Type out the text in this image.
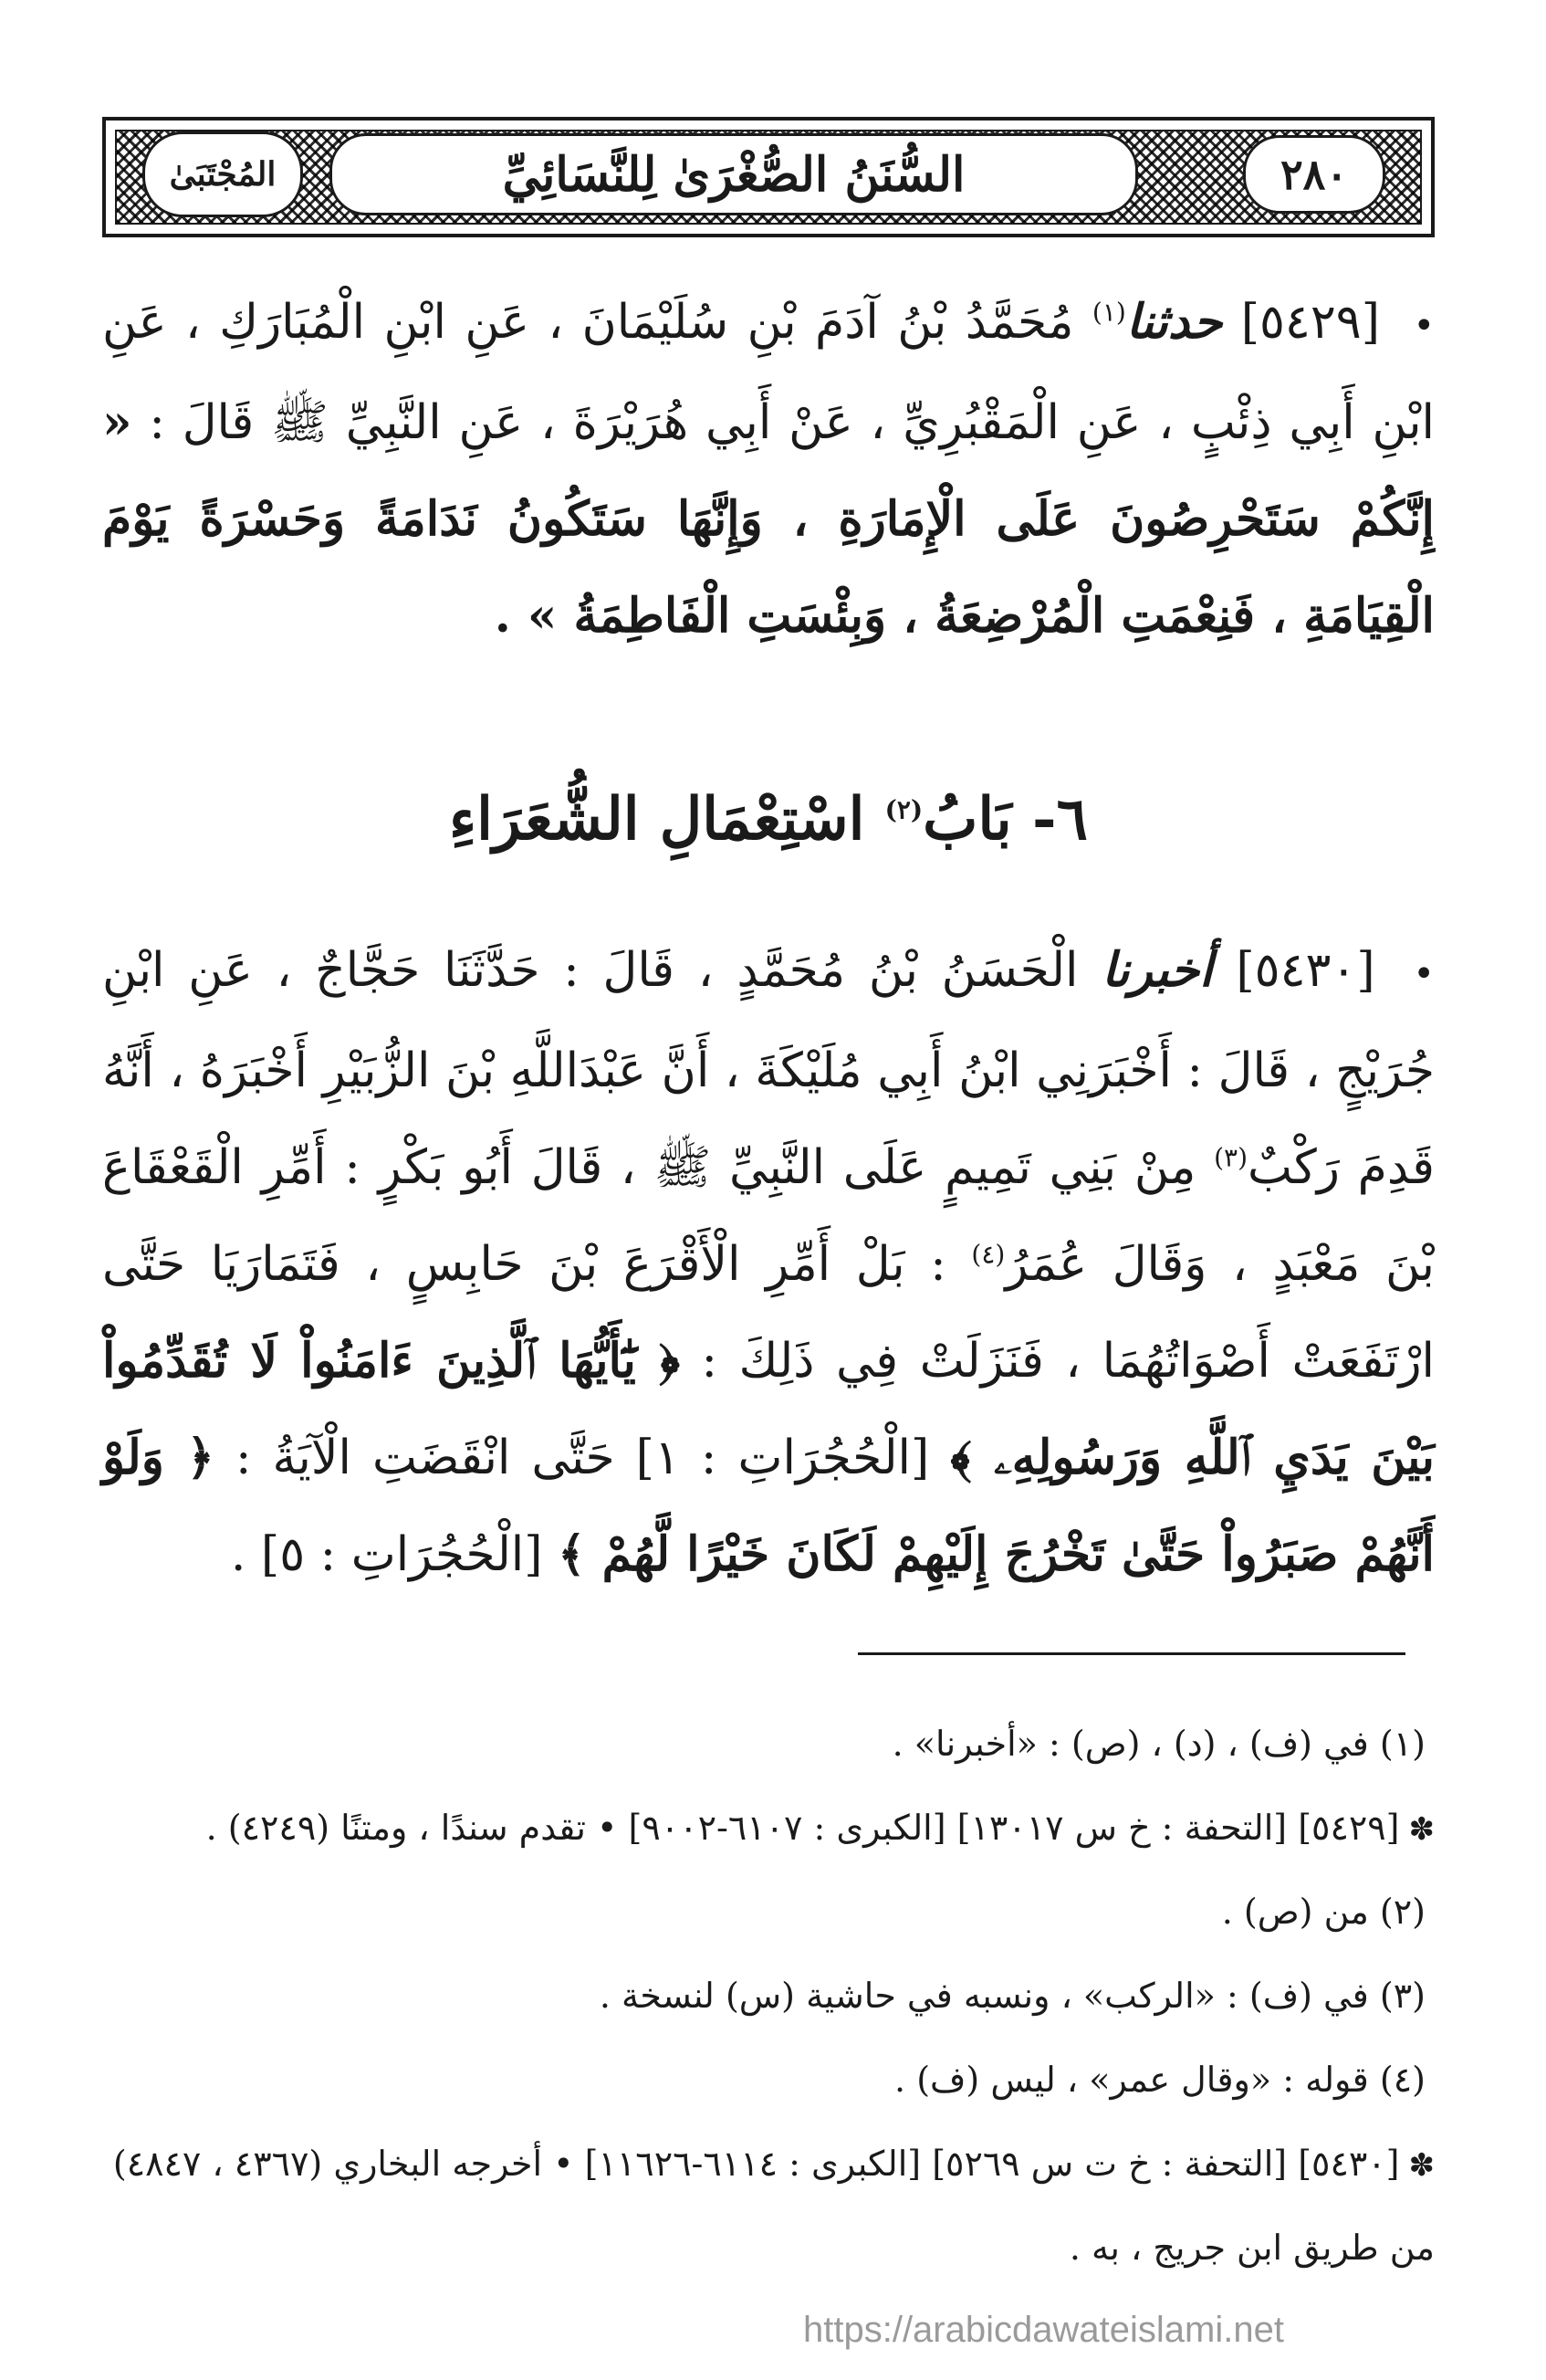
٢٨٠
السُّنَنُ الصُّغْرَىٰ لِلنَّسَائِيِّ
المُجْتَبَىٰ
• [٥٤٢٩] حدثنا$^{(١)}$ مُحَمَّدُ بْنُ آدَمَ بْنِ سُلَيْمَانَ ، عَنِ ابْنِ الْمُبَارَكِ ، عَنِ ابْنِ أَبِي ذِئْبٍ ، عَنِ الْمَقْبُرِيِّ ، عَنْ أَبِي هُرَيْرَةَ ، عَنِ النَّبِيِّ ﷺ قَالَ : « إِنَّكُمْ سَتَحْرِصُونَ عَلَى الْإِمَارَةِ ، وَإِنَّهَا سَتَكُونُ نَدَامَةً وَحَسْرَةً يَوْمَ الْقِيَامَةِ ، فَنِعْمَتِ الْمُرْضِعَةُ ، وَبِئْسَتِ الْفَاطِمَةُ » .
٦- بَابُ$^{(٢)}$ اسْتِعْمَالِ الشُّعَرَاءِ
• [٥٤٣٠] أخبرنا الْحَسَنُ بْنُ مُحَمَّدٍ ، قَالَ : حَدَّثَنَا حَجَّاجٌ ، عَنِ ابْنِ جُرَيْجٍ ، قَالَ : أَخْبَرَنِي ابْنُ أَبِي مُلَيْكَةَ ، أَنَّ عَبْدَاللَّهِ بْنَ الزُّبَيْرِ أَخْبَرَهُ ، أَنَّهُ قَدِمَ رَكْبٌ$^{(٣)}$ مِنْ بَنِي تَمِيمٍ عَلَى النَّبِيِّ ﷺ ، قَالَ أَبُو بَكْرٍ : أَمِّرِ الْقَعْقَاعَ بْنَ مَعْبَدٍ ، وَقَالَ عُمَرُ$^{(٤)}$ : بَلْ أَمِّرِ الْأَقْرَعَ بْنَ حَابِسٍ ، فَتَمَارَيَا حَتَّى ارْتَفَعَتْ أَصْوَاتُهُمَا ، فَنَزَلَتْ فِي ذَلِكَ : ﴿ يَٰٓأَيُّهَا ٱلَّذِينَ ءَامَنُواْ لَا تُقَدِّمُواْ بَيْنَ يَدَيِ ٱللَّهِ وَرَسُولِهِۦ ﴾ [الْحُجُرَاتِ : ١] حَتَّى انْقَضَتِ الْآيَةُ : ﴿ وَلَوْ أَنَّهُمْ صَبَرُواْ حَتَّىٰ تَخْرُجَ إِلَيْهِمْ لَكَانَ خَيْرًا لَّهُمْ ﴾ [الْحُجُرَاتِ : ٥] .
(١) في (ف) ، (د) ، (ص) : «أخبرنا» .
✽[٥٤٢٩] [التحفة : خ س ١٣٠١٧] [الكبرى : ٦١٠٧-٩٠٠٢] • تقدم سندًا ، ومتنًا (٤٢٤٩) .
(٢) من (ص) .
(٣) في (ف) : «الركب» ، ونسبه في حاشية (س) لنسخة .
(٤) قوله : «وقال عمر» ، ليس (ف) .
✽[٥٤٣٠] [التحفة : خ ت س ٥٢٦٩] [الكبرى : ٦١١٤-١١٦٢٦] • أخرجه البخاري (٤٣٦٧ ، ٤٨٤٧) من طريق ابن جريج ، به .
https://arabicdawateislami.net
